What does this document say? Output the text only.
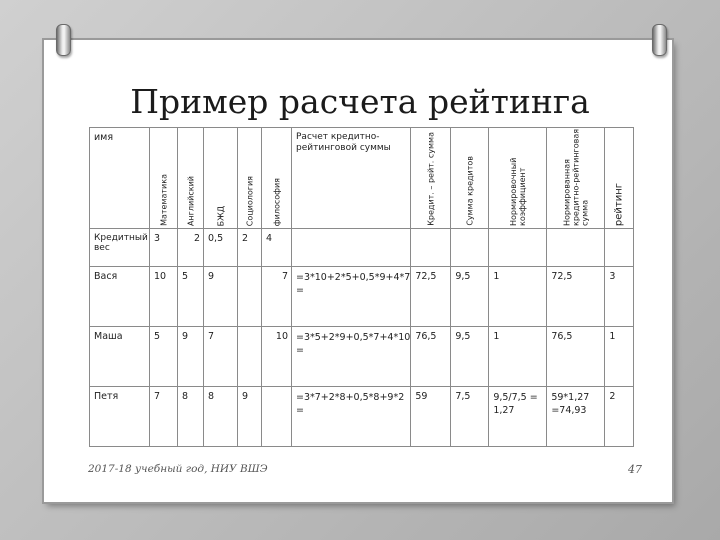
Пример расчета рейтинга
имя	Математика	Английский	БЖД	Социология	философия	Расчет кредитно-рейтинговой суммы	Кредит. – рейт. сумма	Сумма кредитов	Нормировочный коэффициент	Нормированная кредитно-рейтинговая сумма	рейтинг

Кредитный вес	3	2	0,5	2	4						
Вася	10	5	9		7	=3*10+2*5+0,5*9+4*7 =	72,5	9,5	1	72,5	3
Маша	5	9	7		10	=3*5+2*9+0,5*7+4*10 =	76,5	9,5	1	76,5	1
Петя	7	8	8	9		=3*7+2*8+0,5*8+9*2 =	59	7,5	9,5/7,5 = 1,27	59*1,27 =74,93	2
2017-18 учебный год, НИУ ВШЭ	47
